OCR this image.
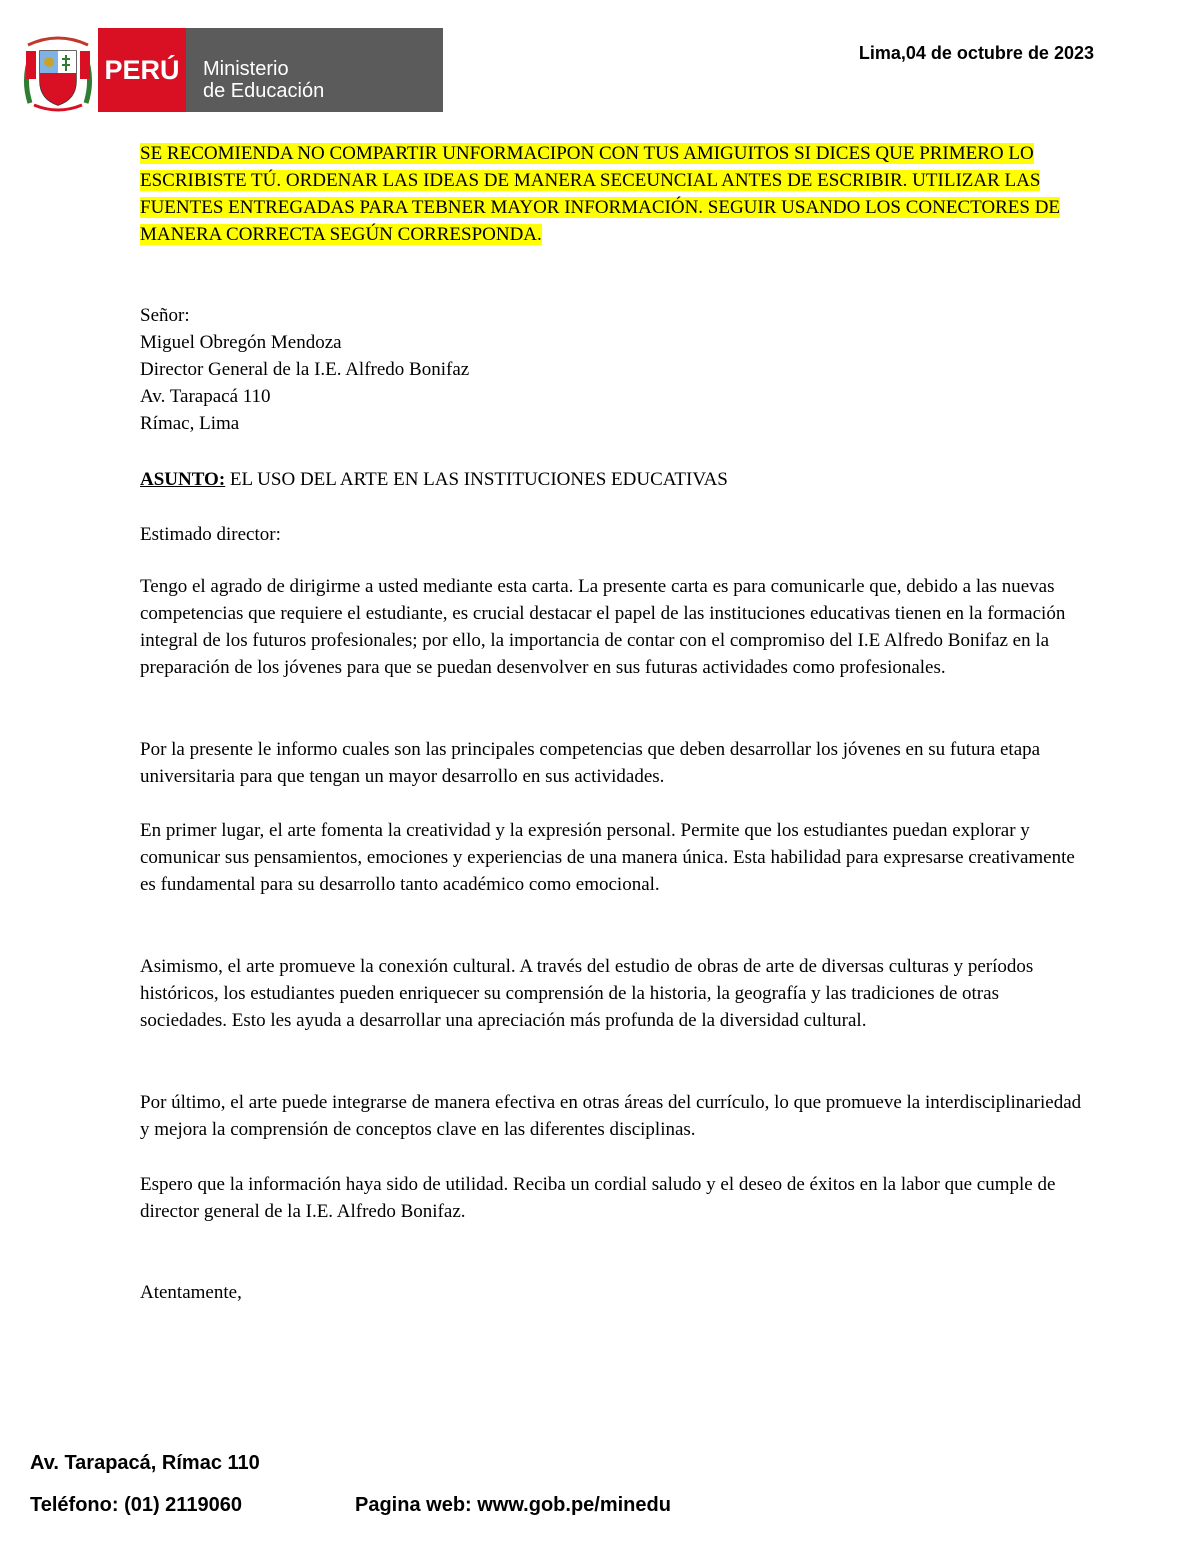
PERÚ	Ministerio
de Educación
Lima,04 de octubre de 2023
SE RECOMIENDA NO COMPARTIR UNFORMACIPON CON TUS AMIGUITOS SI DICES QUE PRIMERO LO ESCRIBISTE TÚ. ORDENAR LAS IDEAS DE MANERA SECEUNCIAL ANTES DE ESCRIBIR. UTILIZAR LAS FUENTES ENTREGADAS PARA TEBNER MAYOR INFORMACIÓN. SEGUIR USANDO LOS CONECTORES DE MANERA CORRECTA SEGÚN CORRESPONDA.
Señor:
Miguel Obregón Mendoza
Director General de la I.E. Alfredo Bonifaz
Av. Tarapacá 110
Rímac, Lima
ASUNTO: EL USO DEL ARTE EN LAS INSTITUCIONES EDUCATIVAS
Estimado director:
Tengo el agrado de dirigirme a usted mediante esta carta. La presente carta es para comunicarle que, debido a las nuevas competencias que requiere el estudiante, es crucial destacar el papel de las instituciones educativas tienen en la formación integral de los futuros profesionales; por ello, la importancia de contar con el compromiso del I.E Alfredo Bonifaz en la preparación de los jóvenes para que se puedan desenvolver en sus futuras actividades como profesionales.
Por la presente le informo cuales son las principales competencias que deben desarrollar los jóvenes en su futura etapa universitaria para que tengan un mayor desarrollo en sus actividades.
En primer lugar, el arte fomenta la creatividad y la expresión personal. Permite que los estudiantes puedan explorar y comunicar sus pensamientos, emociones y experiencias de una manera única. Esta habilidad para expresarse creativamente es fundamental para su desarrollo tanto académico como emocional.
Asimismo, el arte promueve la conexión cultural. A través del estudio de obras de arte de diversas culturas y períodos históricos, los estudiantes pueden enriquecer su comprensión de la historia, la geografía y las tradiciones de otras sociedades. Esto les ayuda a desarrollar una apreciación más profunda de la diversidad cultural.
Por último, el arte puede integrarse de manera efectiva en otras áreas del currículo, lo que promueve la interdisciplinariedad y mejora la comprensión de conceptos clave en las diferentes disciplinas.
Espero que la información haya sido de utilidad. Reciba un cordial saludo y el deseo de éxitos en la labor que cumple de director general de la I.E. Alfredo Bonifaz.
Atentamente,
Av. Tarapacá, Rímac 110
Teléfono: (01) 2119060	Pagina web: www.gob.pe/minedu
